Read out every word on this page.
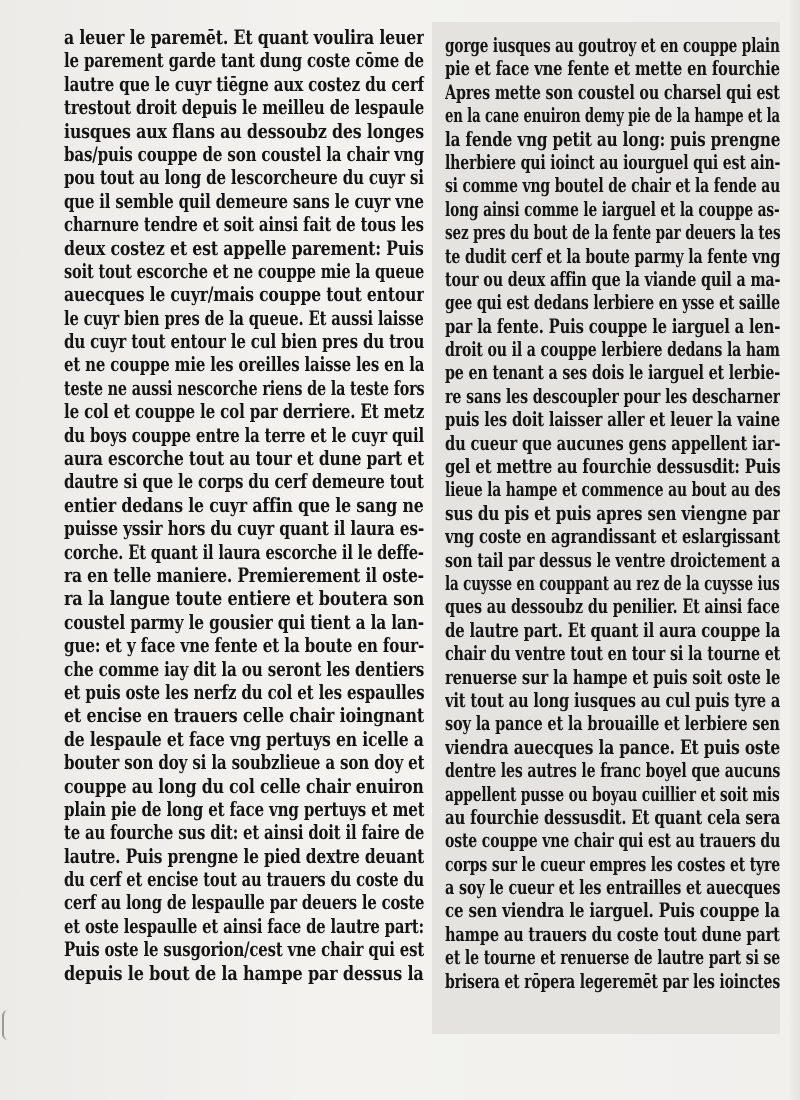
a leuer le paremēt. Et quant voulira leuer
le parement garde tant dung coste cōme de
lautre que le cuyr tiēgne aux costez du cerf
trestout droit depuis le meilleu de lespaule
iusques aux flans au dessoubz des longes
bas/puis couppe de son coustel la chair vng
pou tout au long de lescorcheure du cuyr si
que il semble quil demeure sans le cuyr vne
charnure tendre et soit ainsi fait de tous les
deux costez et est appelle parement: Puis
soit tout escorche et ne couppe mie la queue
auecques le cuyr/mais couppe tout entour
le cuyr bien pres de la queue. Et aussi laisse
du cuyr tout entour le cul bien pres du trou
et ne couppe mie les oreilles laisse les en la
teste ne aussi nescorche riens de la teste fors
le col et couppe le col par derriere. Et metz
du boys couppe entre la terre et le cuyr quil
aura escorche tout au tour et dune part et
dautre si que le corps du cerf demeure tout
entier dedans le cuyr affin que le sang ne
puisse yssir hors du cuyr quant il laura es-
corche. Et quant il laura escorche il le deffe-
ra en telle maniere. Premierement il oste-
ra la langue toute entiere et boutera son
coustel parmy le gousier qui tient a la lan-
gue: et y face vne fente et la boute en four-
che comme iay dit la ou seront les dentiers
et puis oste les nerfz du col et les espaulles
et encise en trauers celle chair ioingnant
de lespaule et face vng pertuys en icelle a
bouter son doy si la soubzlieue a son doy et
couppe au long du col celle chair enuiron
plain pie de long et face vng pertuys et met
te au fourche sus dit: et ainsi doit il faire de
lautre. Puis prengne le pied dextre deuant
du cerf et encise tout au trauers du coste du
cerf au long de lespaulle par deuers le coste
et oste lespaulle et ainsi face de lautre part:
Puis oste le susgorion/cest vne chair qui est
depuis le bout de la hampe par dessus la
gorge iusques au goutroy et en couppe plain
pie et face vne fente et mette en fourchie
Apres mette son coustel ou charsel qui est
en la cane enuiron demy pie de la hampe et la
la fende vng petit au long: puis prengne
lherbiere qui ioinct au iourguel qui est ain-
si comme vng boutel de chair et la fende au
long ainsi comme le iarguel et la couppe as-
sez pres du bout de la fente par deuers la tes
te dudit cerf et la boute parmy la fente vng
tour ou deux affin que la viande quil a ma-
gee qui est dedans lerbiere en ysse et saille
par la fente. Puis couppe le iarguel a len-
droit ou il a couppe lerbiere dedans la ham
pe en tenant a ses dois le iarguel et lerbie-
re sans les descoupler pour les descharner
puis les doit laisser aller et leuer la vaine
du cueur que aucunes gens appellent iar-
gel et mettre au fourchie dessusdit: Puis
lieue la hampe et commence au bout au des
sus du pis et puis apres sen viengne par
vng coste en agrandissant et eslargissant
son tail par dessus le ventre droictement a
la cuysse en couppant au rez de la cuysse ius
ques au dessoubz du penilier. Et ainsi face
de lautre part. Et quant il aura couppe la
chair du ventre tout en tour si la tourne et
renuerse sur la hampe et puis soit oste le
vit tout au long iusques au cul puis tyre a
soy la pance et la brouaille et lerbiere sen
viendra auecques la pance. Et puis oste
dentre les autres le franc boyel que aucuns
appellent pusse ou boyau cuillier et soit mis
au fourchie dessusdit. Et quant cela sera
oste couppe vne chair qui est au trauers du
corps sur le cueur empres les costes et tyre
a soy le cueur et les entrailles et auecques
ce sen viendra le iarguel. Puis couppe la
hampe au trauers du coste tout dune part
et le tourne et renuerse de lautre part si se
brisera et rōpera legeremēt par les ioinctes
